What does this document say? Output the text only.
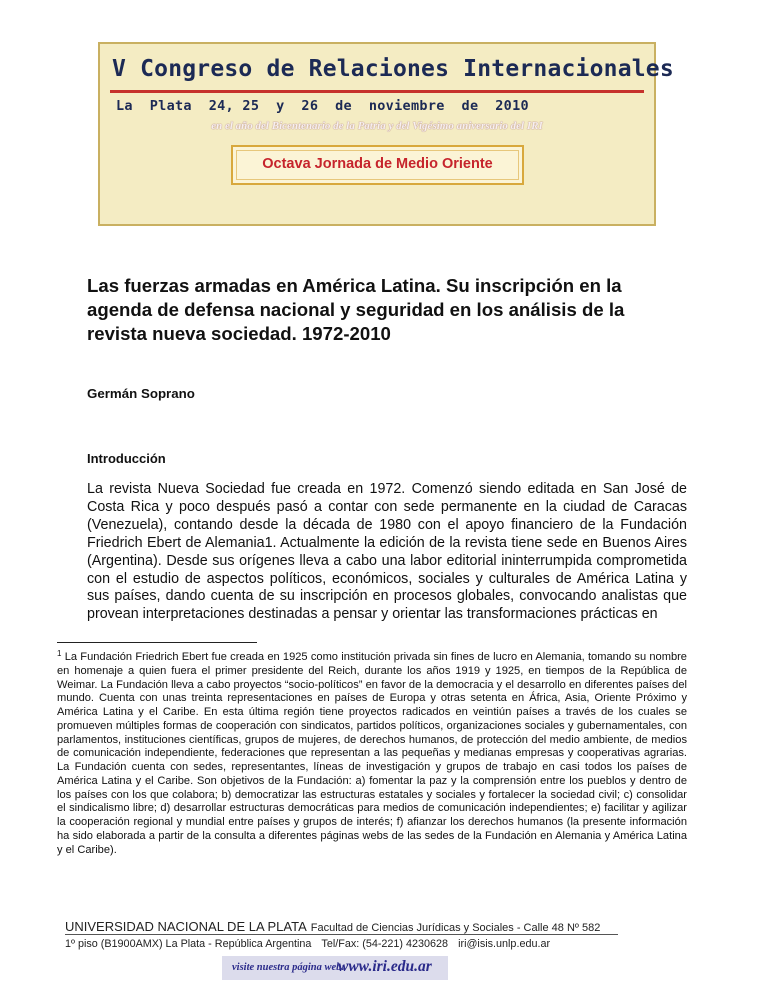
V Congreso de Relaciones Internacionales
La  Plata  24, 25  y  26  de  noviembre  de  2010
en el año del Bicentenario de la Patria y del Vigésimo aniversario del IRI
Octava Jornada de Medio Oriente
Las fuerzas armadas en América Latina. Su inscripción en la agenda de defensa nacional y seguridad en los análisis de la revista nueva sociedad. 1972-2010

Germán Soprano

Introducción

La revista Nueva Sociedad fue creada en 1972. Comenzó siendo editada en San José de Costa Rica y poco después pasó a contar con sede permanente en la ciudad de Caracas (Venezuela), contando desde la década de 1980 con el apoyo financiero de la Fundación Friedrich Ebert de Alemania1. Actualmente la edición de la revista tiene sede en Buenos Aires (Argentina). Desde sus orígenes lleva a cabo una labor editorial ininterrumpida comprometida con el estudio de aspectos políticos, económicos, sociales y culturales de América Latina y sus países, dando cuenta de su inscripción en procesos globales, convocando analistas que provean interpretaciones destinadas a pensar y orientar las transformaciones prácticas en

$^1$ La Fundación Friedrich Ebert fue creada en 1925 como institución privada sin fines de lucro en Alemania, tomando su nombre en homenaje a quien fuera el primer presidente del Reich, durante los años 1919 y 1925, en tiempos de la República de Weimar. La Fundación lleva a cabo proyectos “socio-políticos” en favor de la democracia y el desarrollo en diferentes países del mundo. Cuenta con unas treinta representaciones en países de Europa y otras setenta en África, Asia, Oriente Próximo y América Latina y el Caribe. En esta última región tiene proyectos radicados en veintiún países a través de los cuales se promueven múltiples formas de cooperación con sindicatos, partidos políticos, organizaciones sociales y gubernamentales, con parlamentos, instituciones científicas, grupos de mujeres, de derechos humanos, de protección del medio ambiente, de medios de comunicación independiente, federaciones que representan a las pequeñas y medianas empresas y cooperativas agrarias. La Fundación cuenta con sedes, representantes, líneas de investigación y grupos de trabajo en casi todos los países de América Latina y el Caribe. Son objetivos de la Fundación: a) fomentar la paz y la comprensión entre los pueblos y dentro de los países con los que colabora; b) democratizar las estructuras estatales y sociales y fortalecer la sociedad civil; c) consolidar el sindicalismo libre; d) desarrollar estructuras democráticas para medios de comunicación independientes; e) facilitar y agilizar la cooperación regional y mundial entre países y grupos de interés; f) afianzar los derechos humanos (la presente información ha sido elaborada a partir de la consulta a diferentes páginas webs de las sedes de la Fundación en Alemania y América Latina y el Caribe).

UNIVERSIDAD NACIONAL DE LA PLATA Facultad de Ciencias Jurídicas y Sociales - Calle 48 Nº 582
1º piso (B1900AMX) La Plata - República Argentina Tel/Fax: (54-221) 4230628 iri@isis.unlp.edu.ar
visite nuestra página web:
www.iri.edu.ar
